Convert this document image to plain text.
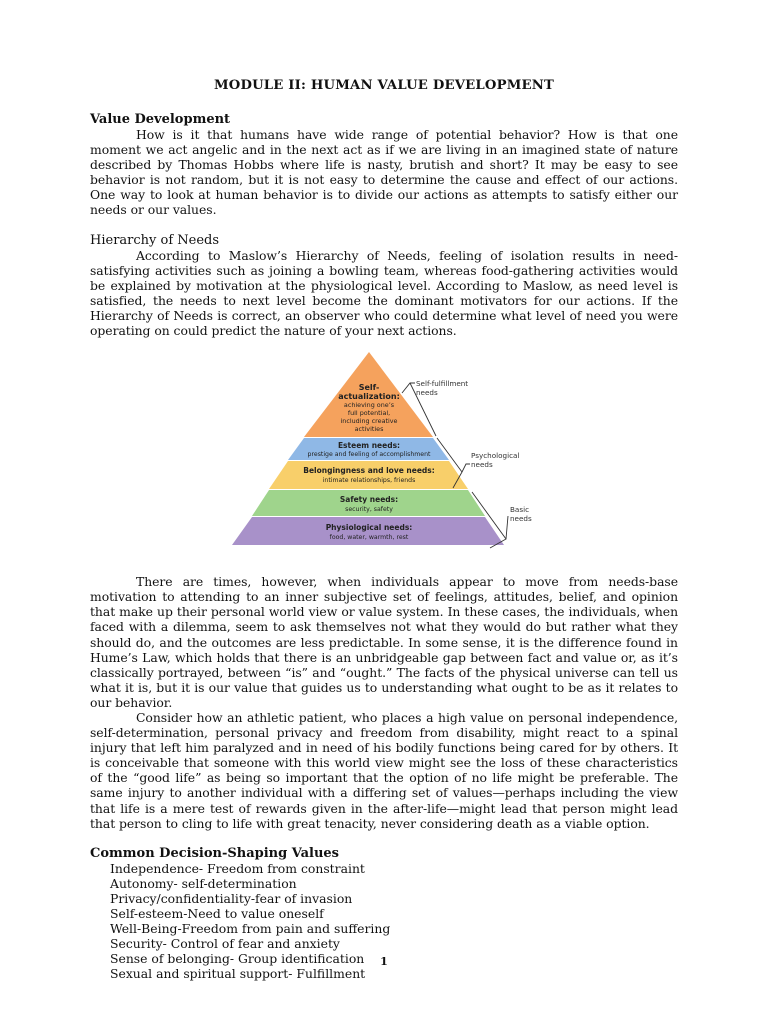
MODULE II: HUMAN VALUE DEVELOPMENT
Value Development

How is it that humans have wide range of potential behavior? How is that one moment we act angelic and in the next act as if we are living in an imagined state of nature described by Thomas Hobbs where life is nasty, brutish and short? It may be easy to see behavior is not random, but it is not easy to determine the cause and effect of our actions. One way to look at human behavior is to divide our actions as attempts to satisfy either our needs or our values.

Hierarchy of Needs

According to Maslow’s Hierarchy of Needs, feeling of isolation results in need-satisfying activities such as joining a bowling team, whereas food-gathering activities would be explained by motivation at the physiological level. According to Maslow, as need level is satisfied, the needs to next level become the dominant motivators for our actions. If the Hierarchy of Needs is correct, an observer who could determine what level of need you were operating on could predict the nature of your next actions.

Self-
actualization:
achieving one’s
full potential,
including creative
activities
Esteem needs:
prestige and feeling of accomplishment
Belongingness and love needs:
intimate relationships, friends
Safety needs:
security, safety
Physiological needs:
food, water, warmth, rest
Self-fulfillment
needs
Psychological
needs
Basic
needs

There are times, however, when individuals appear to move from needs-base motivation to attending to an inner subjective set of feelings, attitudes, belief, and opinion that make up their personal world view or value system. In these cases, the individuals, when faced with a dilemma, seem to ask themselves not what they would do but rather what they should do, and the outcomes are less predictable. In some sense, it is the difference found in Hume’s Law, which holds that there is an unbridgeable gap between fact and value or, as it’s classically portrayed, between “is” and “ought.” The facts of the physical universe can tell us what it is, but it is our value that guides us to understanding what ought to be as it relates to our behavior.

Consider how an athletic patient, who places a high value on personal independence, self-determination, personal privacy and freedom from disability, might react to a spinal injury that left him paralyzed and in need of his bodily functions being cared for by others. It is conceivable that someone with this world view might see the loss of these characteristics of the “good life” as being so important that the option of no life might be preferable. The same injury to another individual with a differing set of values—perhaps including the view that life is a mere test of rewards given in the after-life—might lead that person might lead that person to cling to life with great tenacity, never considering death as a viable option.

Common Decision-Shaping Values
Independence- Freedom from constraint
Autonomy- self-determination
Privacy/confidentiality-fear of invasion
Self-esteem-Need to value oneself
Well-Being-Freedom from pain and suffering
Security- Control of fear and anxiety
Sense of belonging- Group identification
Sexual and spiritual support- Fulfillment
1
